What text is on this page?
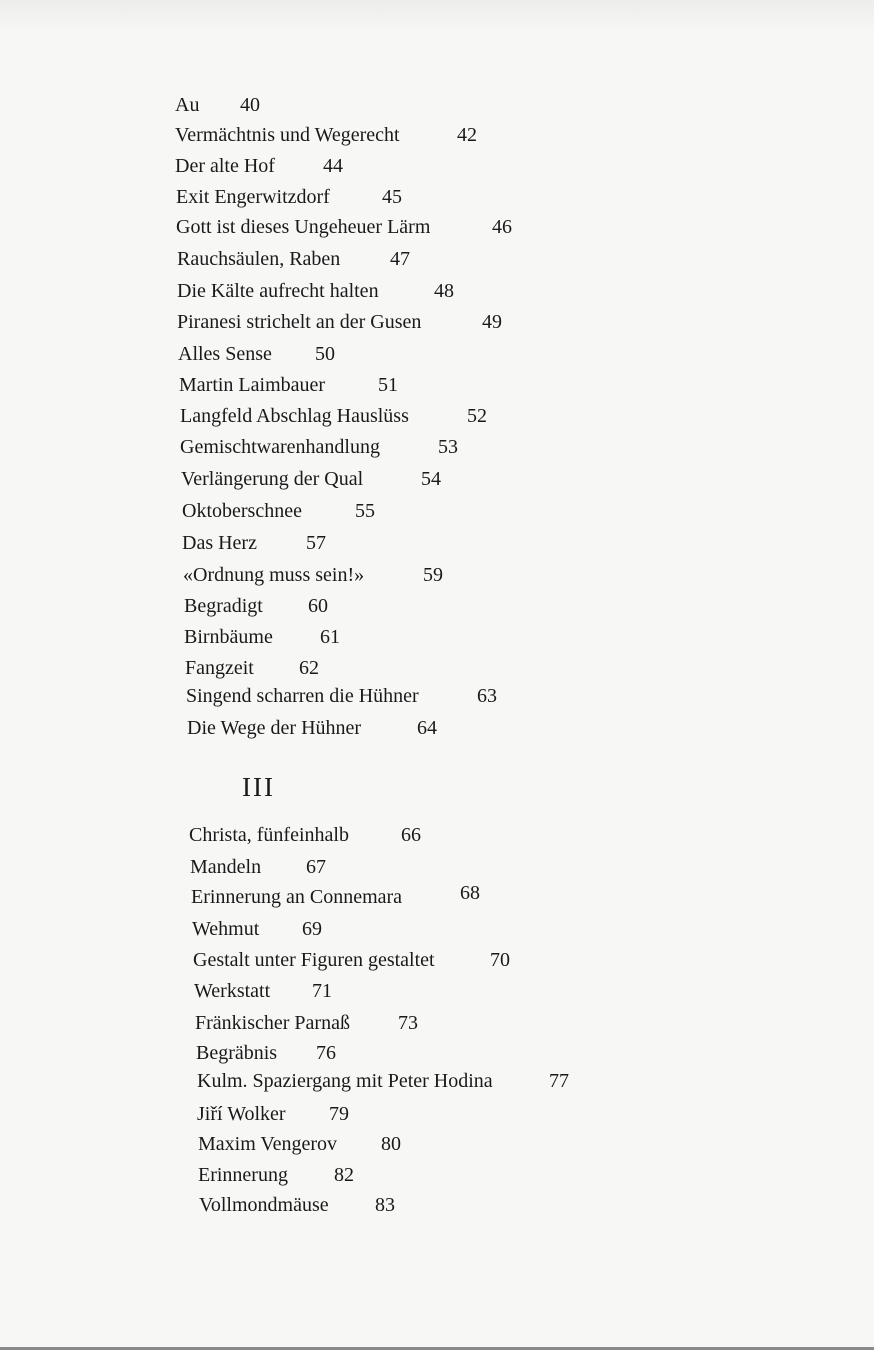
Au 40
Vermächtnis und Wegerecht	42
Der alte Hof 44
Exit Engerwitzdorf	45
Gott ist dieses Ungeheuer Lärm	46
Rauchsäulen, Raben 47
Die Kälte aufrecht halten	48
Piranesi strichelt an der Gusen	49
Alles Sense 50
Martin Laimbauer	51
Langfeld Abschlag Hauslüss	52
Gemischtwarenhandlung	53
Verlängerung der Qual	54
Oktoberschnee	55
Das Herz 57
«Ordnung muss sein!»	59
Begradigt 60
Birnbäume 61
Fangzeit 62
Singend scharren die Hühner	63
Die Wege der Hühner	64
III
Christa, fünfeinhalb	66
Mandeln 67
Erinnerung an Connemara	68
Wehmut 69
Gestalt unter Figuren gestaltet	70
Werkstatt 71
Fränkischer Parnaß 73
Begräbnis 76
Kulm. Spaziergang mit Peter Hodina	77
Jiří Wolker 79
Maxim Vengerov 80
Erinnerung 82
Vollmondmäuse 83
